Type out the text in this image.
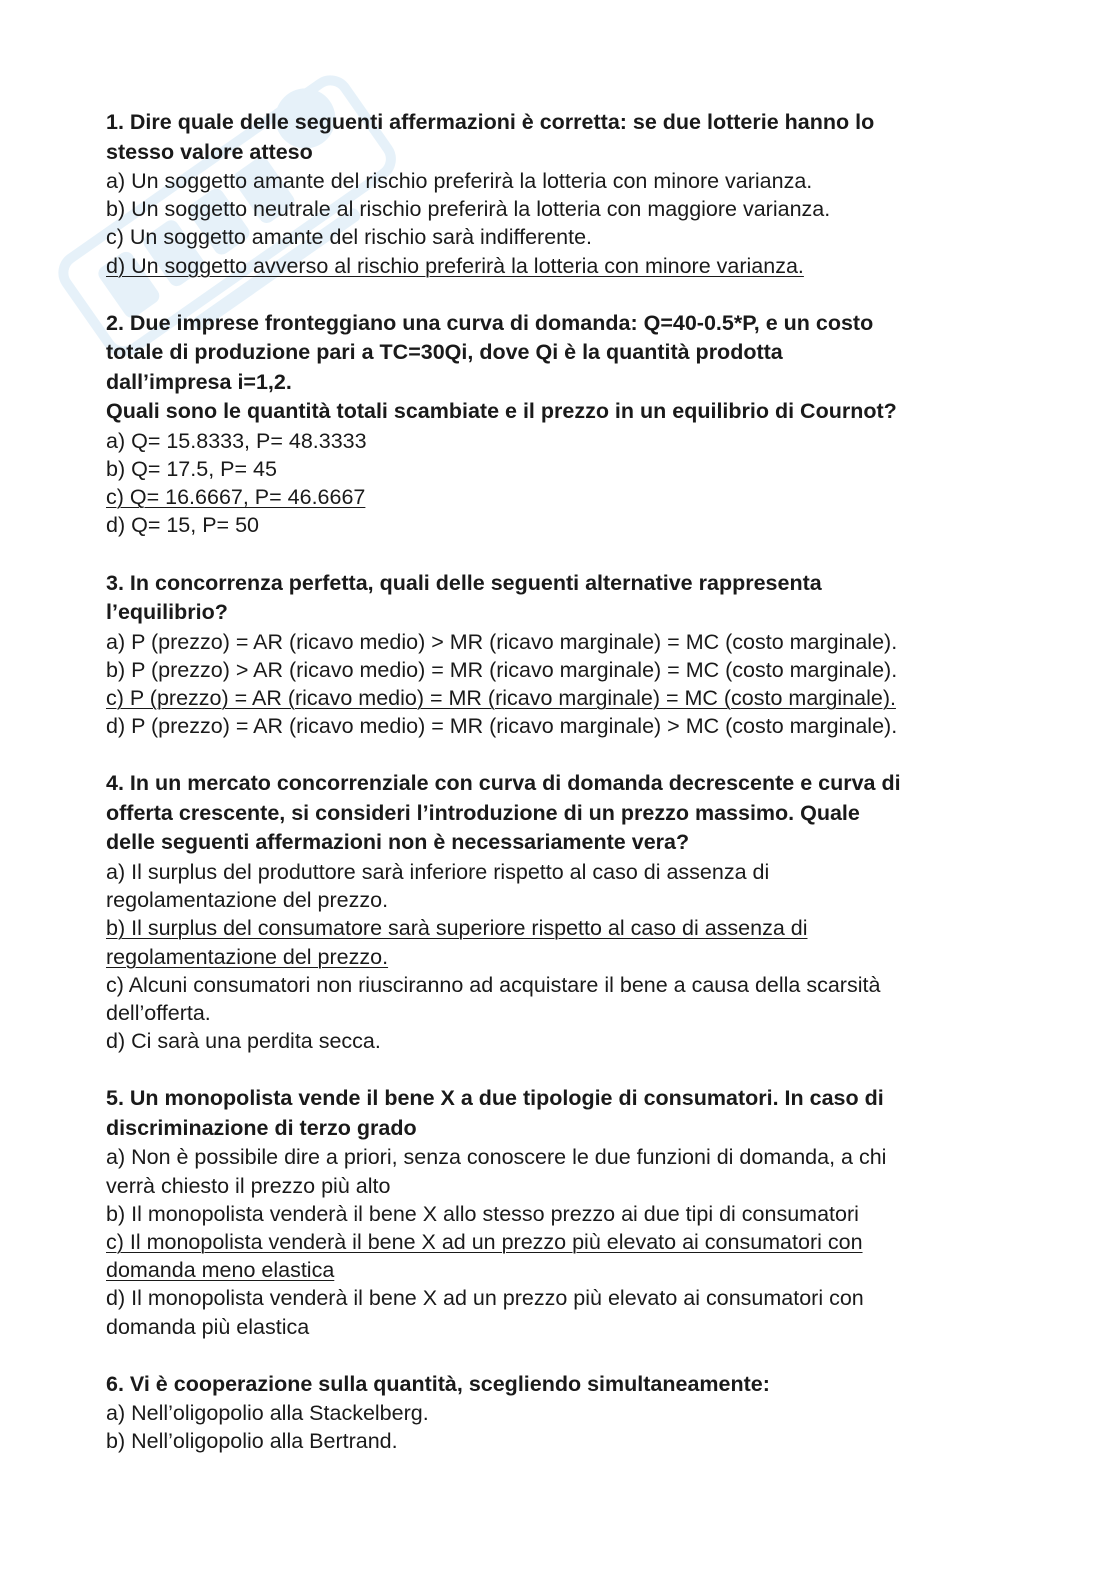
1. Dire quale delle seguenti affermazioni è corretta: se due lotterie hanno lo
stesso valore atteso

a) Un soggetto amante del rischio preferirà la lotteria con minore varianza.

b) Un soggetto neutrale al rischio preferirà la lotteria con maggiore varianza.

c) Un soggetto amante del rischio sarà indifferente.

d) Un soggetto avverso al rischio preferirà la lotteria con minore varianza.

2. Due imprese fronteggiano una curva di domanda: Q=40-0.5*P, e un costo
totale di produzione pari a TC=30Qi, dove Qi è la quantità prodotta
dall’impresa i=1,2.
Quali sono le quantità totali scambiate e il prezzo in un equilibrio di Cournot?

a) Q= 15.8333, P= 48.3333

b) Q= 17.5, P= 45

c) Q= 16.6667, P= 46.6667

d) Q= 15, P= 50

3. In concorrenza perfetta, quali delle seguenti alternative rappresenta
l’equilibrio?

a) P (prezzo) = AR (ricavo medio) > MR (ricavo marginale) = MC (costo marginale).

b) P (prezzo) > AR (ricavo medio) = MR (ricavo marginale) = MC (costo marginale).

c) P (prezzo) = AR (ricavo medio) = MR (ricavo marginale) = MC (costo marginale).

d) P (prezzo) = AR (ricavo medio) = MR (ricavo marginale) > MC (costo marginale).

4. In un mercato concorrenziale con curva di domanda decrescente e curva di
offerta crescente, si consideri l’introduzione di un prezzo massimo. Quale
delle seguenti affermazioni non è necessariamente vera?

a) Il surplus del produttore sarà inferiore rispetto al caso di assenza di
regolamentazione del prezzo.

b) Il surplus del consumatore sarà superiore rispetto al caso di assenza di
regolamentazione del prezzo.

c) Alcuni consumatori non riusciranno ad acquistare il bene a causa della scarsità
dell’offerta.

d) Ci sarà una perdita secca.

5. Un monopolista vende il bene X a due tipologie di consumatori. In caso di
discriminazione di terzo grado

a) Non è possibile dire a priori, senza conoscere le due funzioni di domanda, a chi
verrà chiesto il prezzo più alto

b) Il monopolista venderà il bene X allo stesso prezzo ai due tipi di consumatori

c) Il monopolista venderà il bene X ad un prezzo più elevato ai consumatori con
domanda meno elastica

d) Il monopolista venderà il bene X ad un prezzo più elevato ai consumatori con
domanda più elastica

6. Vi è cooperazione sulla quantità, scegliendo simultaneamente:

a) Nell’oligopolio alla Stackelberg.

b) Nell’oligopolio alla Bertrand.
